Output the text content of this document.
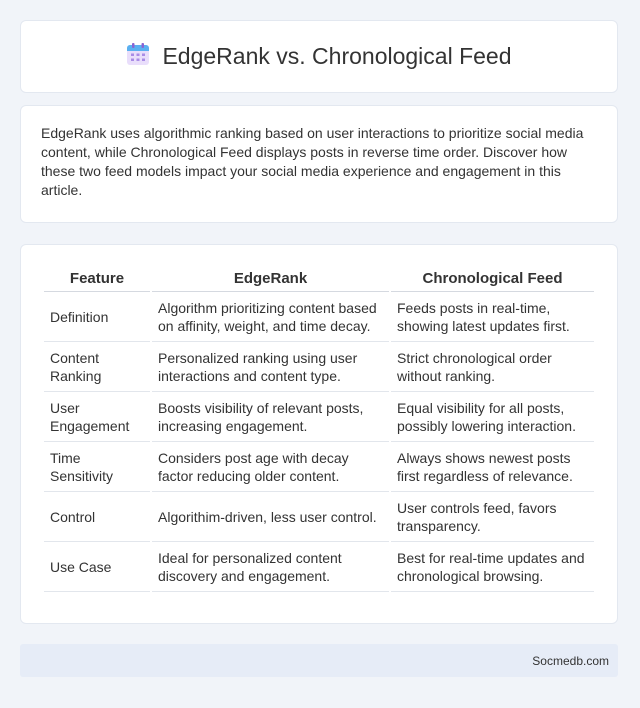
EdgeRank vs. Chronological Feed

EdgeRank uses algorithmic ranking based on user interactions to prioritize social media content, while Chronological Feed displays posts in reverse time order. Discover how these two feed models impact your social media experience and engagement in this article.

Feature	EdgeRank	Chronological Feed
Definition	Algorithm prioritizing content based on affinity, weight, and time decay.	Feeds posts in real-time, showing latest updates first.
Content Ranking	Personalized ranking using user interactions and content type.	Strict chronological order without ranking.
User Engagement	Boosts visibility of relevant posts, increasing engagement.	Equal visibility for all posts, possibly lowering interaction.
Time Sensitivity	Considers post age with decay factor reducing older content.	Always shows newest posts first regardless of relevance.
Control	Algorithim-driven, less user control.	User controls feed, favors transparency.
Use Case	Ideal for personalized content discovery and engagement.	Best for real-time updates and chronological browsing.
Socmedb.com
